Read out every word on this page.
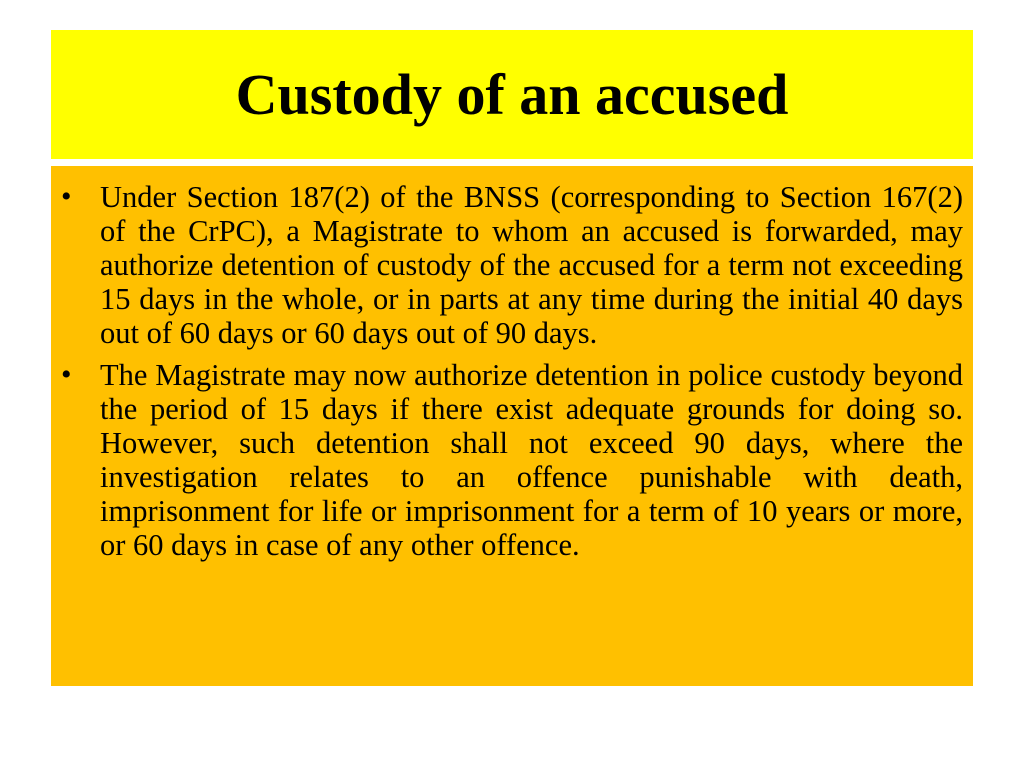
Custody of an accused
• Under Section 187(2) of the BNSS (corresponding to Section 167(2) of the CrPC), a Magistrate to whom an accused is forwarded, may authorize detention of custody of the accused for a term not exceeding 15 days in the whole, or in parts at any time during the initial 40 days out of 60 days or 60 days out of 90 days.
• The Magistrate may now authorize detention in police custody beyond the period of 15 days if there exist adequate grounds for doing so. However, such detention shall not exceed 90 days, where the investigation relates to an offence punishable with death, imprisonment for life or imprisonment for a term of 10 years or more, or 60 days in case of any other offence.
